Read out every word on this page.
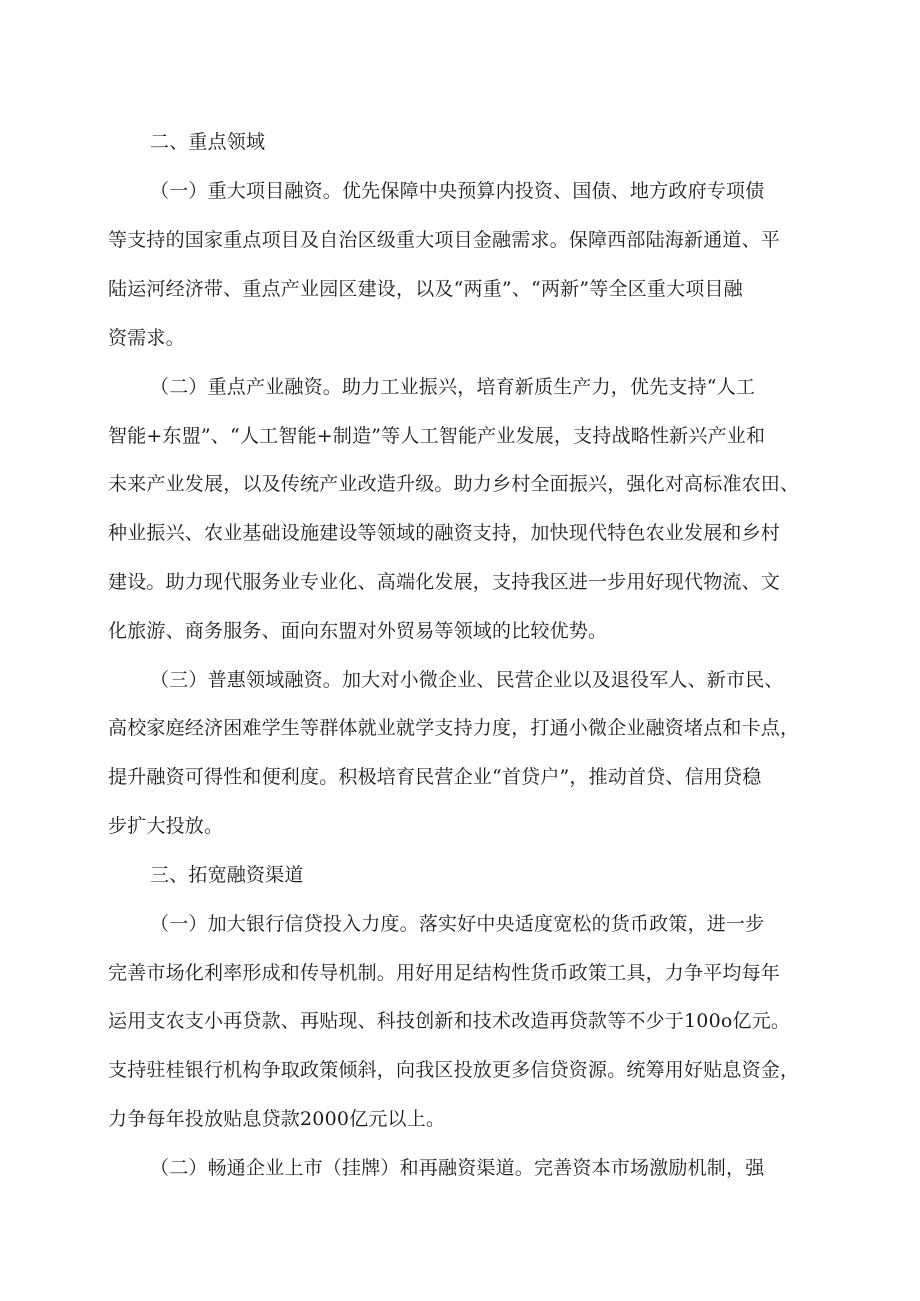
二、重点领域
（一）重大项目融资。优先保障中央预算内投资、国债、地方政府专项债
等支持的国家重点项目及自治区级重大项目金融需求。保障西部陆海新通道、平
陆运河经济带、重点产业园区建设，以及“两重”、“两新”等全区重大项目融
资需求。
（二）重点产业融资。助力工业振兴，培育新质生产力，优先支持“人工
智能+东盟”、“人工智能+制造”等人工智能产业发展，支持战略性新兴产业和
未来产业发展，以及传统产业改造升级。助力乡村全面振兴，强化对高标准农田、
种业振兴、农业基础设施建设等领域的融资支持，加快现代特色农业发展和乡村
建设。助力现代服务业专业化、高端化发展，支持我区进一步用好现代物流、文
化旅游、商务服务、面向东盟对外贸易等领域的比较优势。
（三）普惠领域融资。加大对小微企业、民营企业以及退役军人、新市民、
高校家庭经济困难学生等群体就业就学支持力度，打通小微企业融资堵点和卡点，
提升融资可得性和便利度。积极培育民营企业“首贷户”，推动首贷、信用贷稳
步扩大投放。
三、拓宽融资渠道
（一）加大银行信贷投入力度。落实好中央适度宽松的货币政策，进一步
完善市场化利率形成和传导机制。用好用足结构性货币政策工具，力争平均每年
运用支农支小再贷款、再贴现、科技创新和技术改造再贷款等不少于100o亿元。
支持驻桂银行机构争取政策倾斜，向我区投放更多信贷资源。统筹用好贴息资金，
力争每年投放贴息贷款2000亿元以上。
（二）畅通企业上市（挂牌）和再融资渠道。完善资本市场激励机制，强
